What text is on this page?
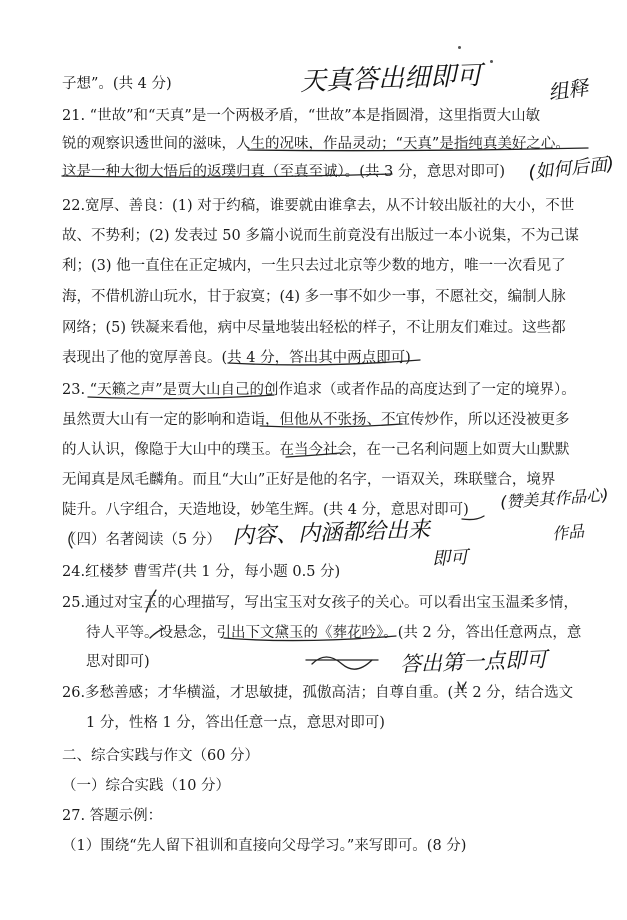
子想”。(共 4 分)
21. “世故”和“天真”是一个两极矛盾，“世故”本是指圆滑，这里指贾大山敏
锐的观察识透世间的滋味，人生的况味，作品灵动；“天真”是指纯真美好之心。
这是一种大彻大悟后的返璞归真（至真至诚）。(共 3 分，意思对即可)
22.宽厚、善良：(1) 对于约稿，谁要就由谁拿去，从不计较出版社的大小，不世
故、不势利；(2) 发表过 50 多篇小说而生前竟没有出版过一本小说集，不为己谋
利；(3) 他一直住在正定城内，一生只去过北京等少数的地方，唯一一次看见了
海，不借机游山玩水，甘于寂寞；(4) 多一事不如少一事，不愿社交，编制人脉
网络；(5) 铁凝来看他，病中尽量地装出轻松的样子，不让朋友们难过。这些都
表现出了他的宽厚善良。(共 4 分，答出其中两点即可)
23. “天籁之声”是贾大山自己的创作追求（或者作品的高度达到了一定的境界）。
虽然贾大山有一定的影响和造诣，但他从不张扬、不宜传炒作，所以还没被更多
的人认识，像隐于大山中的璞玉。在当今社会，在一己名利问题上如贾大山默默
无闻真是凤毛麟角。而且“大山”正好是他的名字，一语双关，珠联璧合，境界
陡升。八字组合，天造地设，妙笔生辉。(共 4 分，意思对即可)
（四）名著阅读（5 分）
24.红楼梦 曹雪芹(共 1 分，每小题 0.5 分)
25.通过对宝玉的心理描写，写出宝玉对女孩子的关心。可以看出宝玉温柔多情，
待人平等。设悬念，引出下文黛玉的《葬花吟》。(共 2 分，答出任意两点，意
思对即可)
26.多愁善感；才华横溢，才思敏捷，孤傲高洁；自尊自重。(共 2 分，结合选文
1 分，性格 1 分，答出任意一点，意思对即可)
二、综合实践与作文（60 分）
（一）综合实践（10 分）
27. 答题示例：
（1）围绕“先人留下祖训和直接向父母学习。”来写即可。(8 分)
天真答出细即可	组释
(如何后面)
(赞美其作品心)
作品
内容、内涵都给出来
即可
答出第一点即可
